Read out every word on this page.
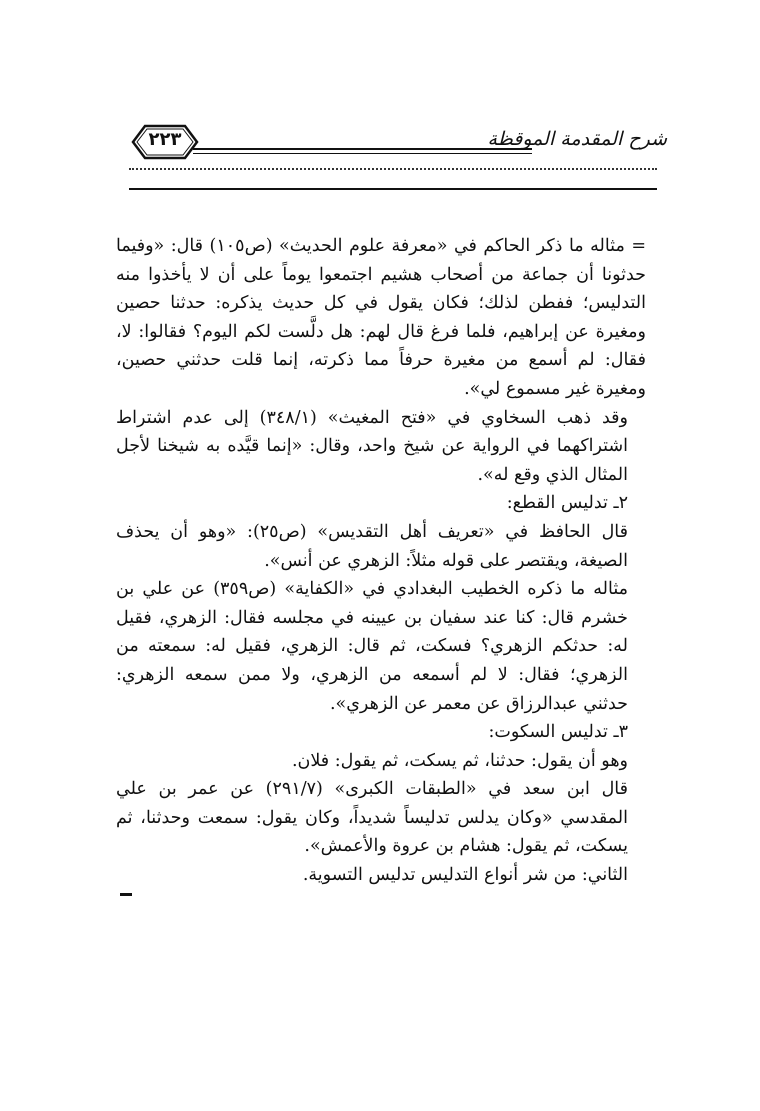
شرح المقدمة الموقظة
٢٢٣

= مثاله ما ذكر الحاكم في «معرفة علوم الحديث» (ص١٠٥) قال: «وفيما حدثونا أن جماعة من أصحاب هشيم اجتمعوا يوماً على أن لا يأخذوا منه التدليس؛ ففطن لذلك؛ فكان يقول في كل حديث يذكره: حدثنا حصين ومغيرة عن إبراهيم، فلما فرغ قال لهم: هل دلَّست لكم اليوم؟ فقالوا: لا، فقال: لم أسمع من مغيرة حرفاً مما ذكرته، إنما قلت حدثني حصين، ومغيرة غير مسموع لي».

وقد ذهب السخاوي في «فتح المغيث» (٣٤٨/١) إلى عدم اشتراط اشتراكهما في الرواية عن شيخ واحد، وقال: «إنما قيَّده به شيخنا لأجل المثال الذي وقع له».

٢ـ تدليس القطع:

قال الحافظ في «تعريف أهل التقديس» (ص٢٥): «وهو أن يحذف الصيغة، ويقتصر على قوله مثلاً: الزهري عن أنس».

مثاله ما ذكره الخطيب البغدادي في «الكفاية» (ص٣٥٩) عن علي بن خشرم قال: كنا عند سفيان بن عيينه في مجلسه فقال: الزهري، فقيل له: حدثكم الزهري؟ فسكت، ثم قال: الزهري، فقيل له: سمعته من الزهري؛ فقال: لا لم أسمعه من الزهري، ولا ممن سمعه الزهري: حدثني عبدالرزاق عن معمر عن الزهري».

٣ـ تدليس السكوت:

وهو أن يقول: حدثنا، ثم يسكت، ثم يقول: فلان.

قال ابن سعد في «الطبقات الكبرى» (٢٩١/٧) عن عمر بن علي المقدسي «وكان يدلس تدليساً شديداً، وكان يقول: سمعت وحدثنا، ثم يسكت، ثم يقول: هشام بن عروة والأعمش».

الثاني: من شر أنواع التدليس تدليس التسوية.
